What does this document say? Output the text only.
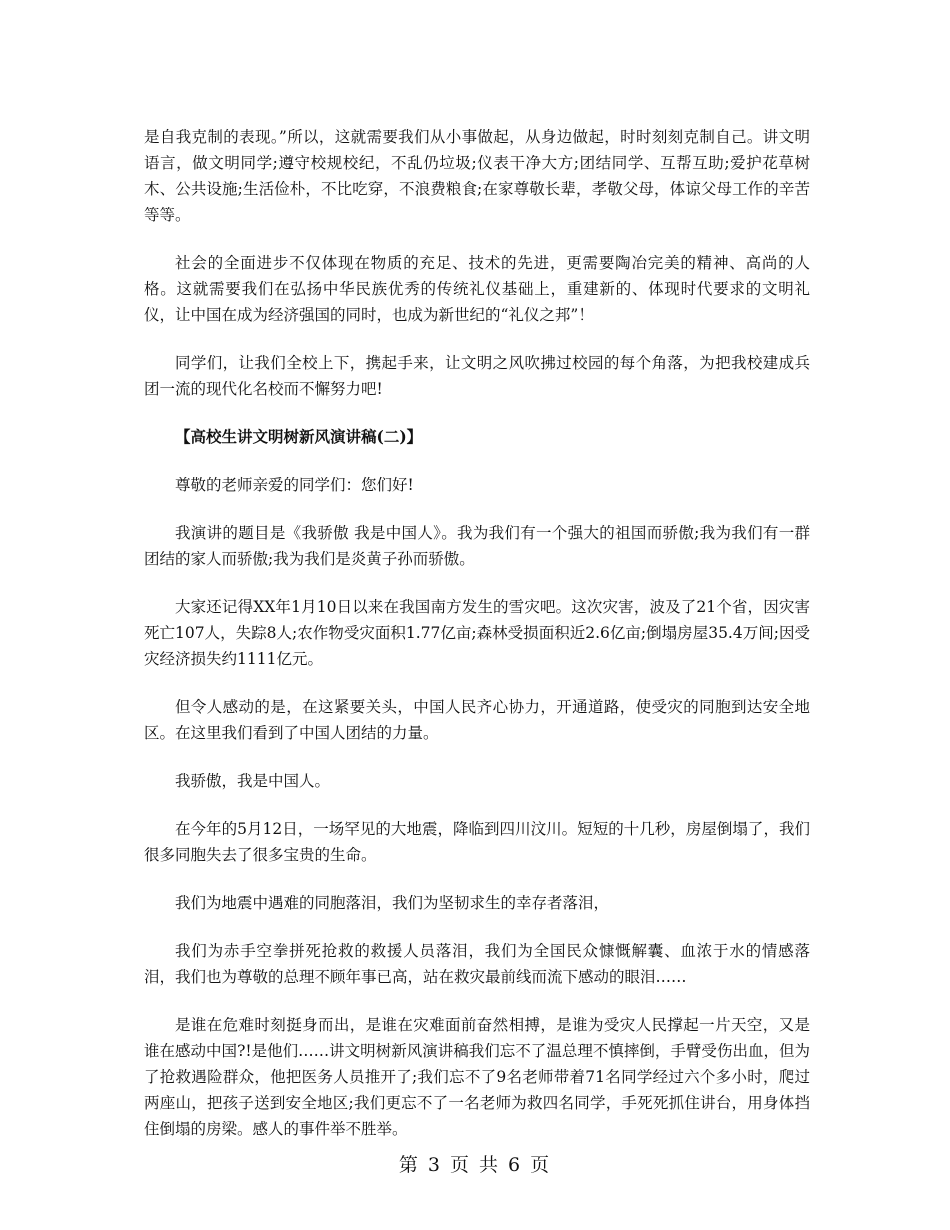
是自我克制的表现。”所以，这就需要我们从小事做起，从身边做起，时时刻刻克制自己。讲文明语言，做文明同学;遵守校规校纪，不乱仍垃圾;仪表干净大方;团结同学、互帮互助;爱护花草树木、公共设施;生活俭朴，不比吃穿，不浪费粮食;在家尊敬长辈，孝敬父母，体谅父母工作的辛苦等等。

社会的全面进步不仅体现在物质的充足、技术的先进，更需要陶冶完美的精神、高尚的人格。这就需要我们在弘扬中华民族优秀的传统礼仪基础上，重建新的、体现时代要求的文明礼仪，让中国在成为经济强国的同时，也成为新世纪的“礼仪之邦”！

同学们，让我们全校上下，携起手来，让文明之风吹拂过校园的每个角落，为把我校建成兵团一流的现代化名校而不懈努力吧!

【高校生讲文明树新风演讲稿(二)】

尊敬的老师亲爱的同学们：您们好!

我演讲的题目是《我骄傲 我是中国人》。我为我们有一个强大的祖国而骄傲;我为我们有一群团结的家人而骄傲;我为我们是炎黄子孙而骄傲。

大家还记得XX年1月10日以来在我国南方发生的雪灾吧。这次灾害，波及了21个省，因灾害死亡107人，失踪8人;农作物受灾面积1.77亿亩;森林受损面积近2.6亿亩;倒塌房屋35.4万间;因受灾经济损失约1111亿元。

但令人感动的是，在这紧要关头，中国人民齐心协力，开通道路，使受灾的同胞到达安全地区。在这里我们看到了中国人团结的力量。

我骄傲，我是中国人。

在今年的5月12日，一场罕见的大地震，降临到四川汶川。短短的十几秒，房屋倒塌了，我们很多同胞失去了很多宝贵的生命。

我们为地震中遇难的同胞落泪，我们为坚韧求生的幸存者落泪，

我们为赤手空拳拼死抢救的救援人员落泪，我们为全国民众慷慨解囊、血浓于水的情感落泪，我们也为尊敬的总理不顾年事已高，站在救灾最前线而流下感动的眼泪……

是谁在危难时刻挺身而出，是谁在灾难面前奋然相搏，是谁为受灾人民撑起一片天空，又是谁在感动中国?!是他们……讲文明树新风演讲稿我们忘不了温总理不慎摔倒，手臂受伤出血，但为了抢救遇险群众，他把医务人员推开了;我们忘不了9名老师带着71名同学经过六个多小时，爬过两座山，把孩子送到安全地区;我们更忘不了一名老师为救四名同学，手死死抓住讲台，用身体挡住倒塌的房梁。感人的事件举不胜举。

第 3 页 共 6 页
